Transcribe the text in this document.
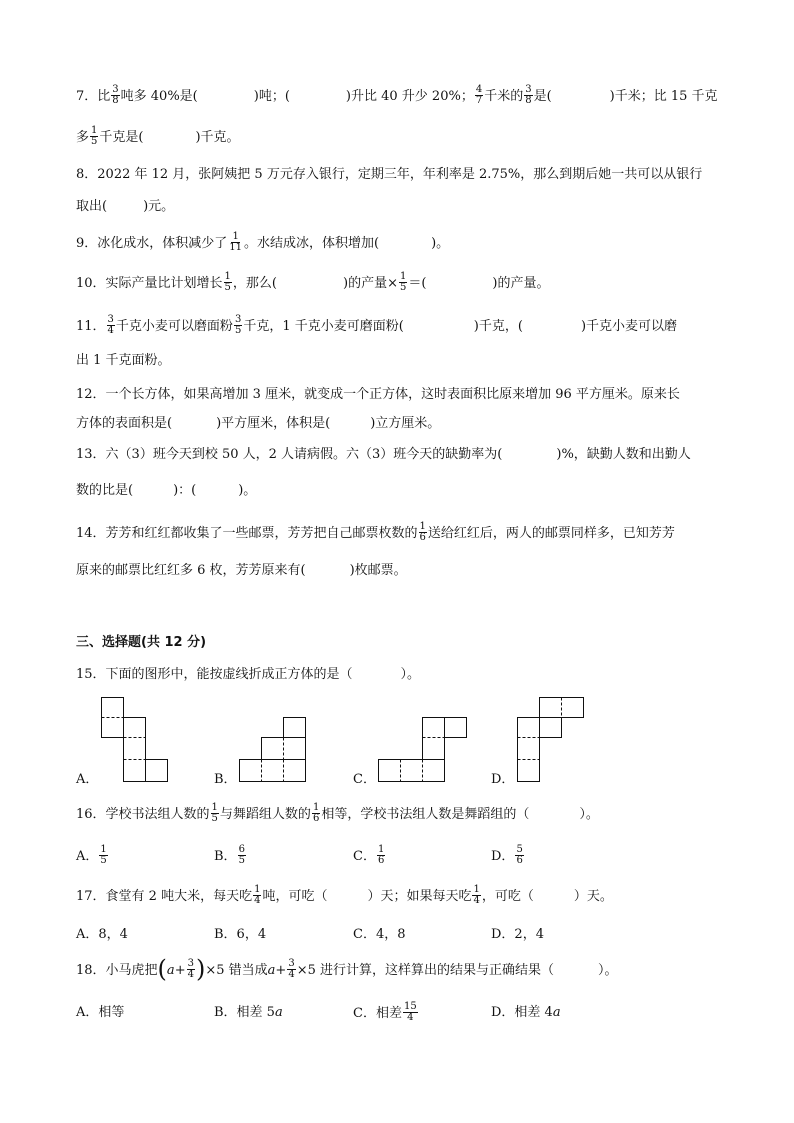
7．比 $\frac{3}{8}$ 吨多 40%是(	)吨；(	)升比 40 升少 20%； $\frac{4}{7}$ 千米的 $\frac{3}{8}$ 是(	)千米；比 15 千克
多 $\frac{1}{5}$ 千克是(	)千克。
8．2022 年 12 月，张阿姨把 5 万元存入银行，定期三年，年利率是 2.75%，那么到期后她一共可以从银行
取出(	)元。
9．冰化成水，体积减少了 $\frac{1}{11}$ 。水结成冰，体积增加(	)。
10．实际产量比计划增长 $\frac{1}{5}$ ，那么(	)的产量× $\frac{1}{5}$ ＝(	)的产量。
11． $\frac{3}{4}$ 千克小麦可以磨面粉 $\frac{3}{5}$ 千克，1 千克小麦可磨面粉(	)千克，(	)千克小麦可以磨
出 1 千克面粉。
12．一个长方体，如果高增加 3 厘米，就变成一个正方体，这时表面积比原来增加 96 平方厘米。原来长
方体的表面积是(	)平方厘米，体积是(	)立方厘米。
13．六（3）班今天到校 50 人，2 人请病假。六（3）班今天的缺勤率为(	)%，缺勤人数和出勤人
数的比是(	)：(	)。
14．芳芳和红红都收集了一些邮票，芳芳把自己邮票枚数的 $\frac{1}{6}$ 送给红红后，两人的邮票同样多，已知芳芳
原来的邮票比红红多 6 枚，芳芳原来有(	)枚邮票。
三、选择题(共 12 分)
15．下面的图形中，能按虚线折成正方体的是（	）。
A．	B．	C．	D．
16．学校书法组人数的 $\frac{1}{5}$ 与舞蹈组人数的 $\frac{1}{6}$ 相等，学校书法组人数是舞蹈组的（	）。
A． $\frac{1}{5}$	B． $\frac{6}{5}$	C． $\frac{1}{6}$	D． $\frac{5}{6}$
17．食堂有 2 吨大米，每天吃 $\frac{1}{4}$ 吨，可吃（	）天；如果每天吃 $\frac{1}{4}$ ，可吃（	）天。
A．8，4	B．6，4	C．4，8	D．2，4
18．小马虎把$(a+ \frac{3}{4} )\times 5$ 错当成$a+ \frac{3}{4} \times 5$ 进行计算，这样算出的结果与正确结果（	）。
A．相等	B．相差 5a	C．相差 $\frac{15}{4}$	D．相差 4a
